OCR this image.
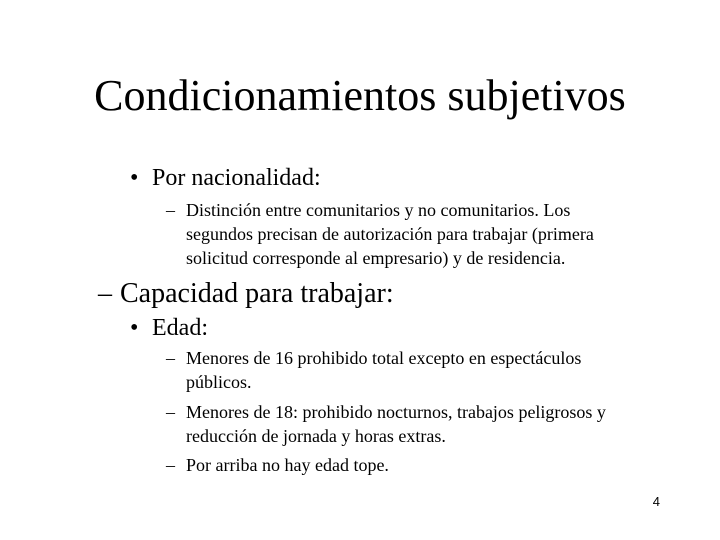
Condicionamientos subjetivos
• Por nacionalidad:
– Distinción entre comunitarios y no comunitarios. Los
segundos precisan de autorización para trabajar (primera
solicitud corresponde al empresario) y de residencia.
– Capacidad para trabajar:
• Edad:
– Menores de 16 prohibido total excepto en espectáculos
públicos.
– Menores de 18: prohibido nocturnos, trabajos peligrosos y
reducción de jornada y horas extras.
– Por arriba no hay edad tope.
4
